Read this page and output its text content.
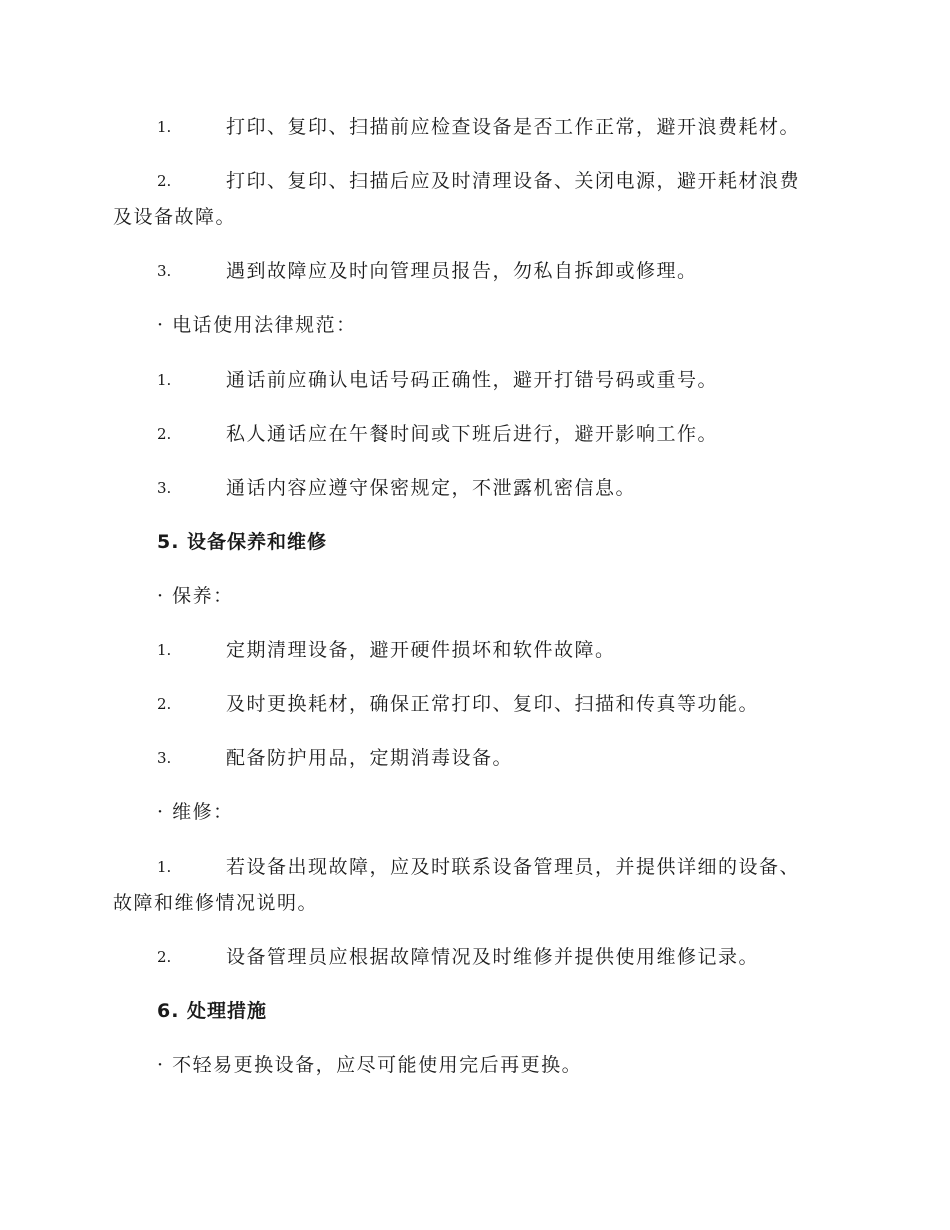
1.	打印、复印、扫描前应检查设备是否工作正常，避开浪费耗材。
2.	打印、复印、扫描后应及时清理设备、关闭电源，避开耗材浪费
及设备故障。
3.	遇到故障应及时向管理员报告，勿私自拆卸或修理。
· 电话使用法律规范：
1.	通话前应确认电话号码正确性，避开打错号码或重号。
2.	私人通话应在午餐时间或下班后进行，避开影响工作。
3.	通话内容应遵守保密规定，不泄露机密信息。
5. 设备保养和维修
· 保养：
1.	定期清理设备，避开硬件损坏和软件故障。
2.	及时更换耗材，确保正常打印、复印、扫描和传真等功能。
3.	配备防护用品，定期消毒设备。
· 维修：
1.	若设备出现故障，应及时联系设备管理员，并提供详细的设备、
故障和维修情况说明。
2.	设备管理员应根据故障情况及时维修并提供使用维修记录。
6. 处理措施
· 不轻易更换设备，应尽可能使用完后再更换。
